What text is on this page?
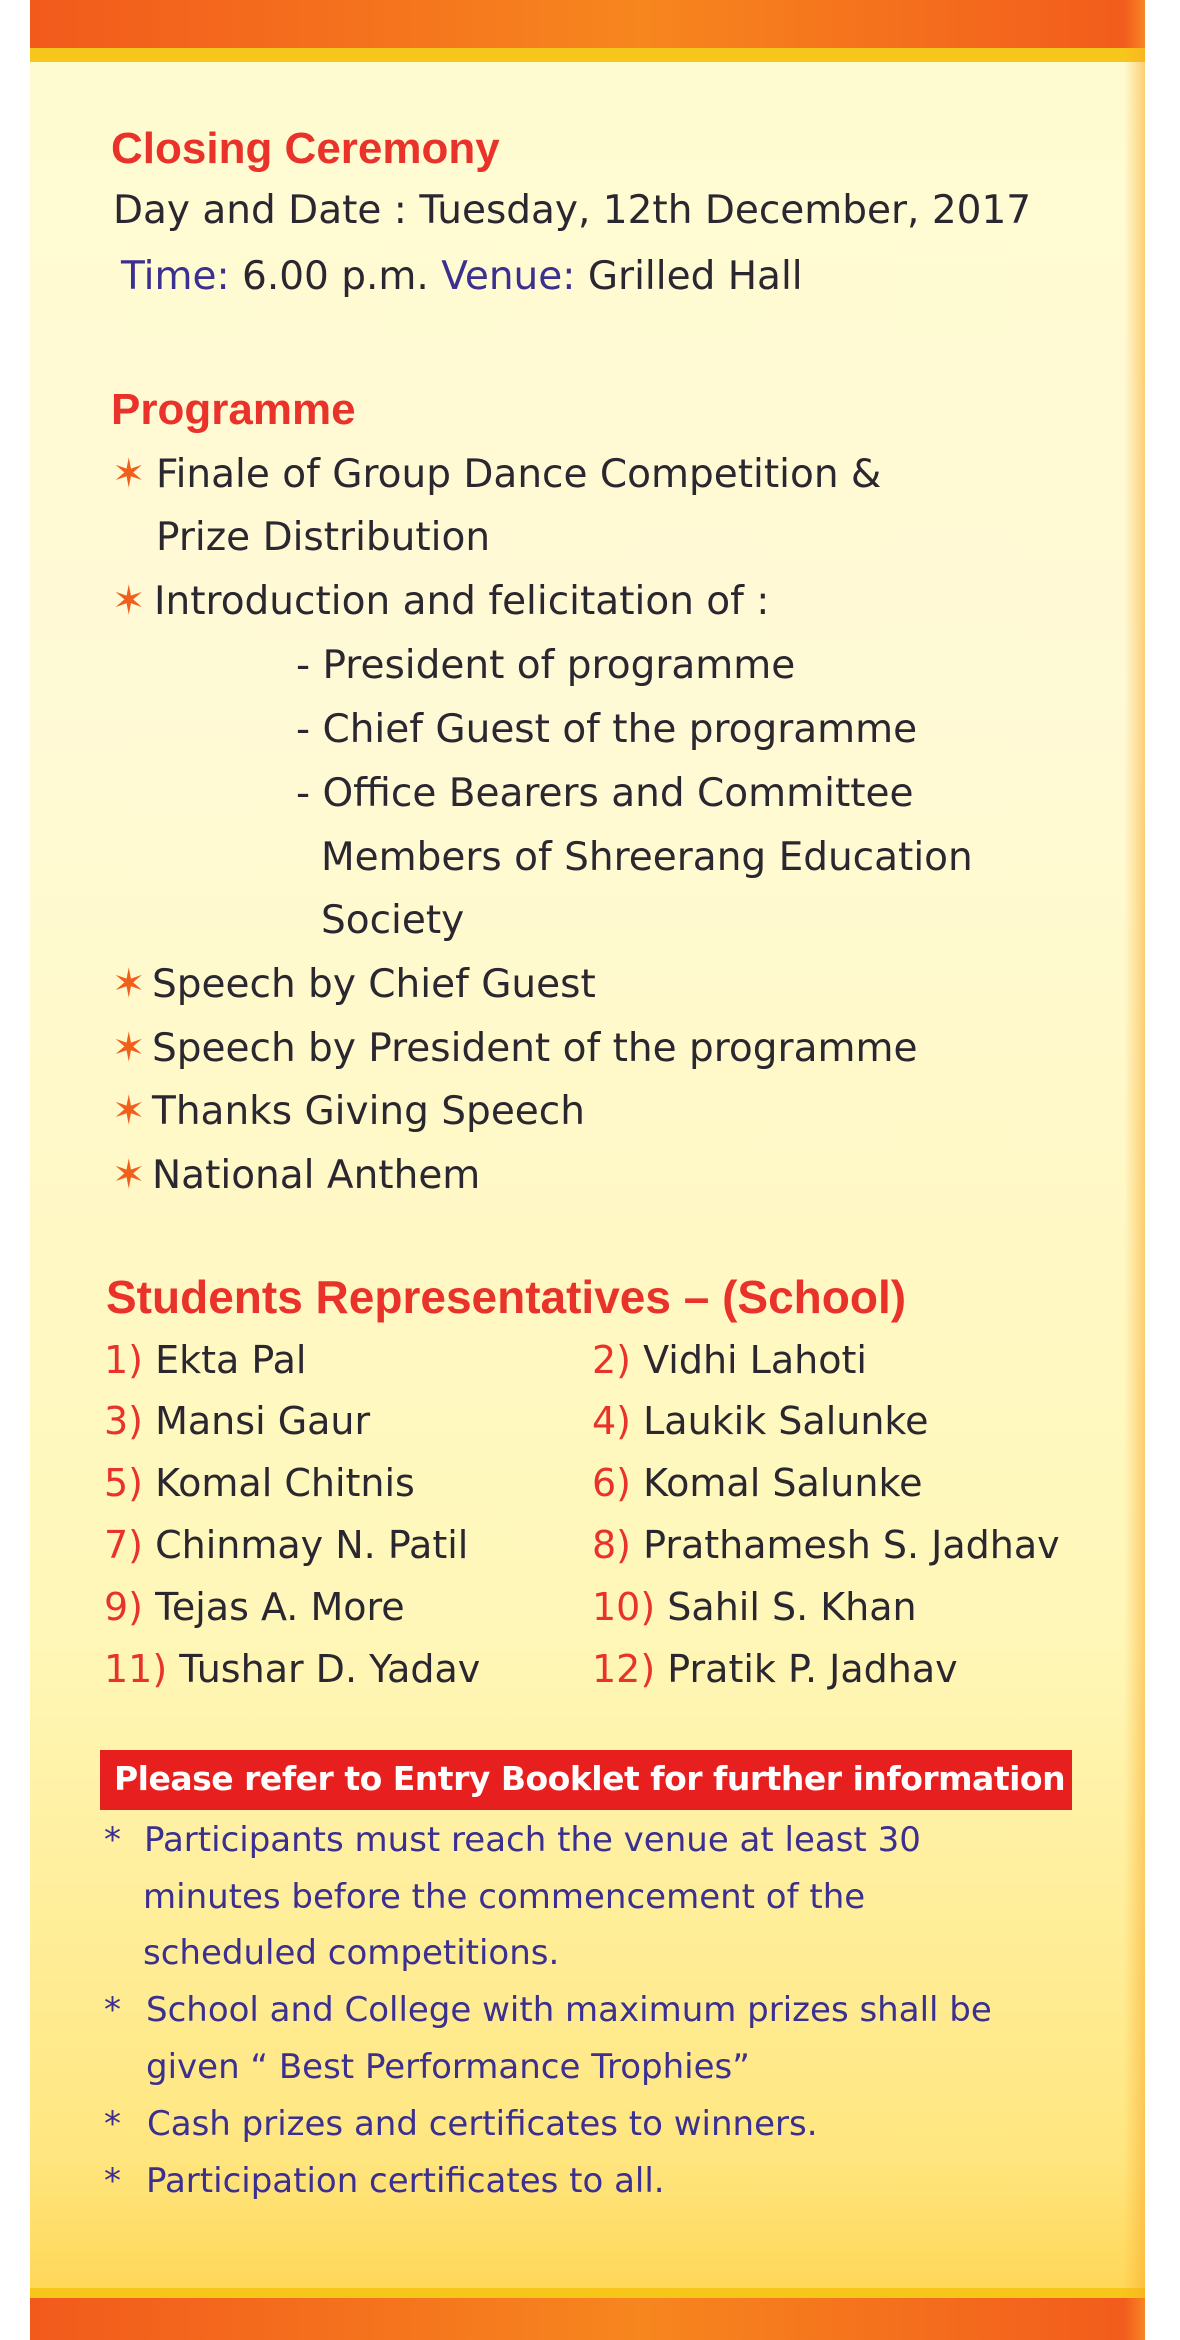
Closing Ceremony
Day and Date : Tuesday, 12th December, 2017
Time: 6.00 p.m. Venue: Grilled Hall
Programme
✶ Finale of Group Dance Competition &
Prize Distribution
✶ Introduction and felicitation of :
- President of programme
- Chief Guest of the programme
- Office Bearers and Committee
Members of Shreerang Education
Society
✶ Speech by Chief Guest
✶ Speech by President of the programme
✶ Thanks Giving Speech
✶ National Anthem
Students Representatives – (School)
1) Ekta Pal
3) Mansi Gaur
5) Komal Chitnis
7) Chinmay N. Patil
9) Tejas A. More
11) Tushar D. Yadav
2) Vidhi Lahoti
4) Laukik Salunke
6) Komal Salunke
8) Prathamesh S. Jadhav
10) Sahil S. Khan
12) Pratik P. Jadhav
Please refer to Entry Booklet for further information
* Participants must reach the venue at least 30
minutes before the commencement of the
scheduled competitions.
* School and College with maximum prizes shall be
given “ Best Performance Trophies”
* Cash prizes and certificates to winners.
* Participation certificates to all.
